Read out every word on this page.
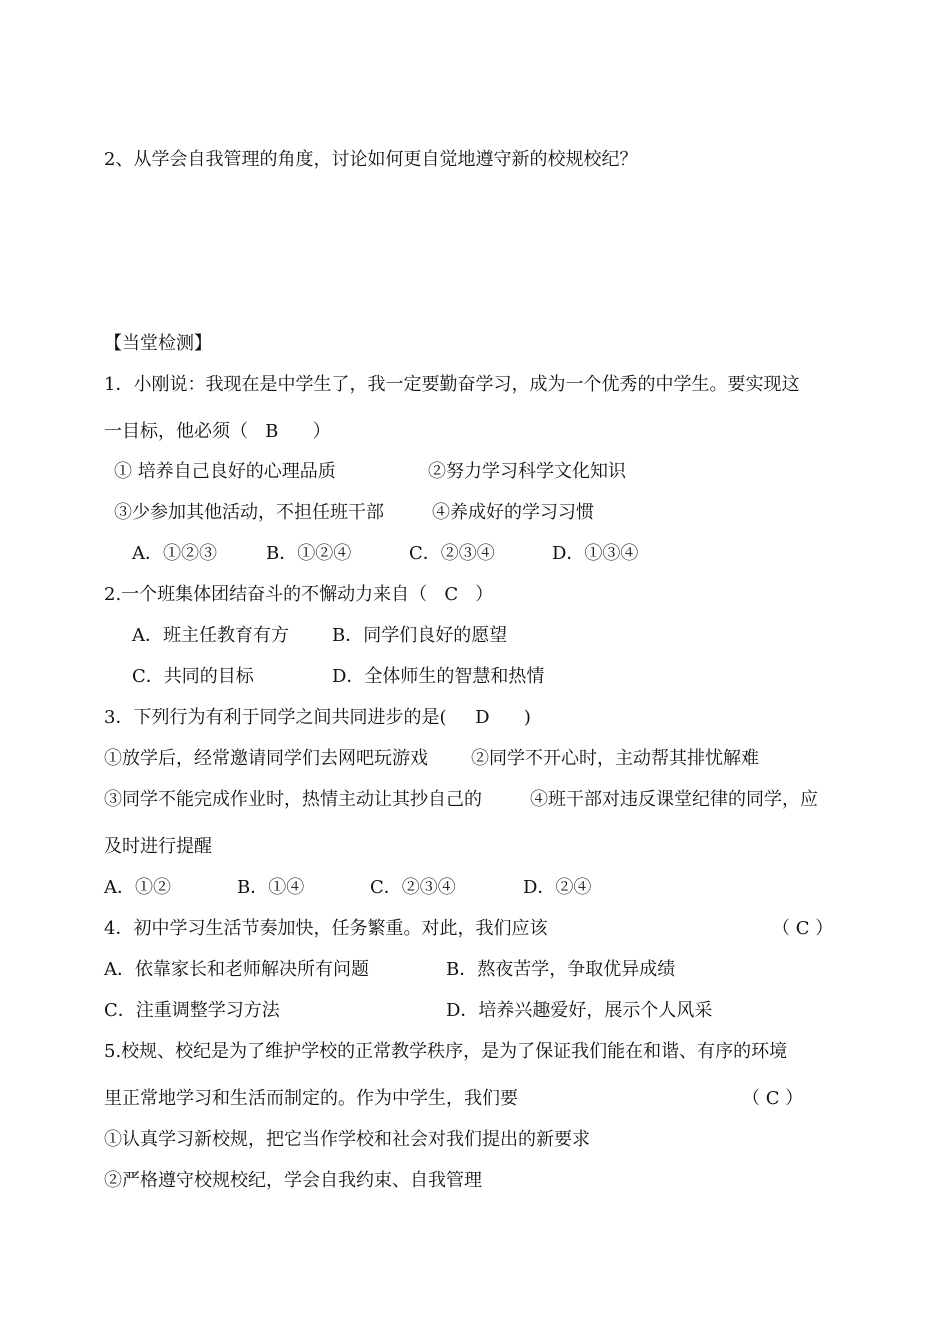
2、从学会自我管理的角度，讨论如何更自觉地遵守新的校规校纪？
【当堂检测】
1．小刚说：我现在是中学生了，我一定要勤奋学习，成为一个优秀的中学生。要实现这
一目标，他必须（   B      ）
① 培养自己良好的心理品质	②努力学习科学文化知识
③少参加其他活动，不担任班干部	④养成好的学习习惯
A．①②③	B．①②④	C．②③④	D．①③④
2.一个班集体团结奋斗的不懈动力来自（   C   ）
A．班主任教育有方 B．同学们良好的愿望
C．共同的目标	D．全体师生的智慧和热情
3．下列行为有利于同学之间共同进步的是(     D      )
①放学后，经常邀请同学们去网吧玩游戏 ②同学不开心时，主动帮其排忧解难
③同学不能完成作业时，热情主动让其抄自己的	④班干部对违反课堂纪律的同学，应
及时进行提醒
A．①②	B．①④	C．②③④	D．②④
4．初中学习生活节奏加快，任务繁重。对此，我们应该	（ C ）
A．依靠家长和老师解决所有问题	B．熬夜苦学，争取优异成绩
C．注重调整学习方法	D．培养兴趣爱好，展示个人风采
5.校规、校纪是为了维护学校的正常教学秩序，是为了保证我们能在和谐、有序的环境
里正常地学习和生活而制定的。作为中学生，我们要	（ C ）
①认真学习新校规，把它当作学校和社会对我们提出的新要求
②严格遵守校规校纪，学会自我约束、自我管理
